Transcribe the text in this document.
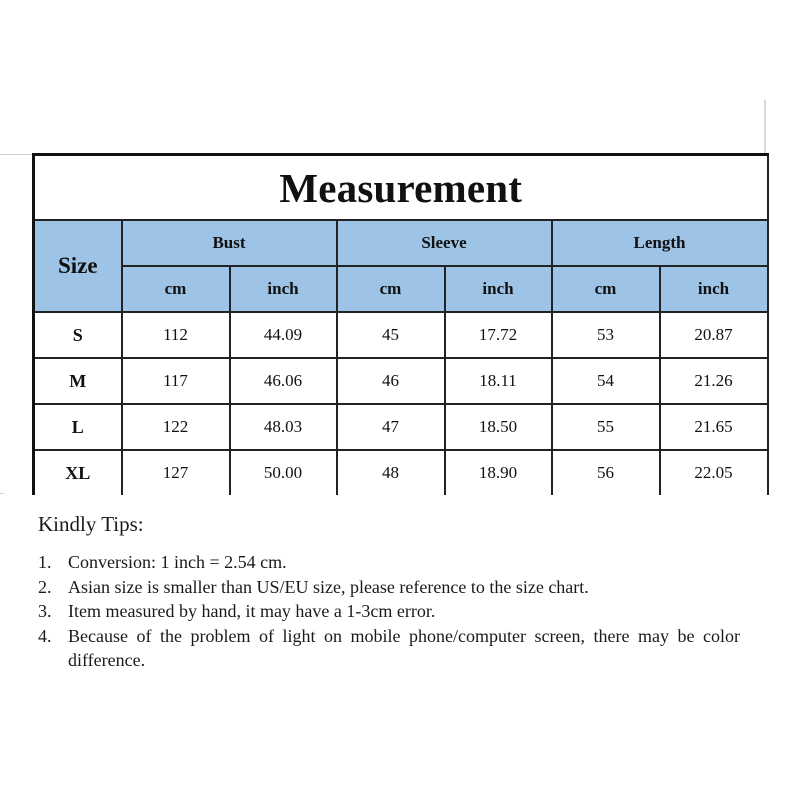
Measurement						
Size	Bust		Sleeve		Length	
	cm	inch	cm	inch	cm	inch
S	112	44.09	45	17.72	53	20.87
M	117	46.06	46	18.11	54	21.26
L	122	48.03	47	18.50	55	21.65
XL	127	50.00	48	18.90	56	22.05
Kindly Tips:
1. Conversion: 1 inch = 2.54 cm.
2. Asian size is smaller than US/EU size, please reference to the size chart.
3. Item measured by hand, it may have a 1-3cm error.
4. Because of the problem of light on mobile phone/computer screen, there may be color difference.
